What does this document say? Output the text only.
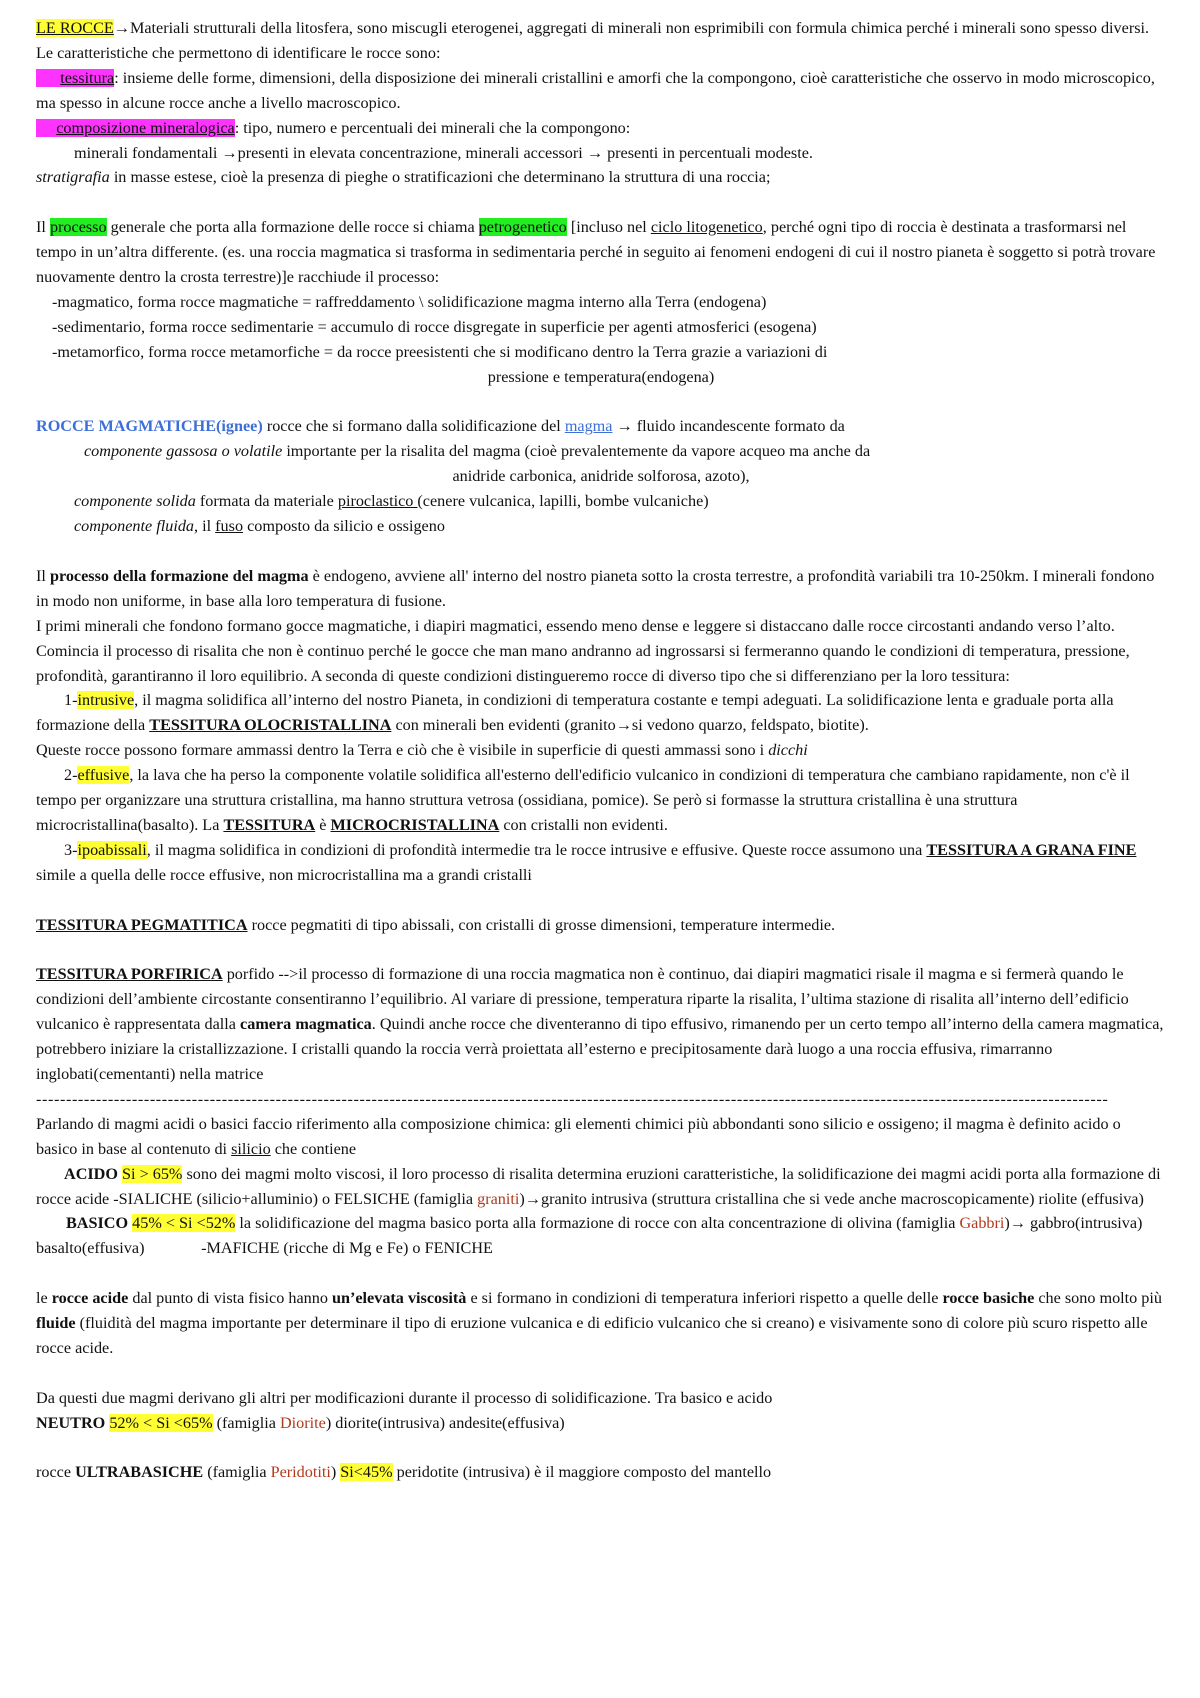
LE ROCCE→Materiali strutturali della litosfera, sono miscugli eterogenei, aggregati di minerali non esprimibili con formula chimica perché i minerali sono spesso diversi. Le caratteristiche che permettono di identificare le rocce sono:

tessitura: insieme delle forme, dimensioni, della disposizione dei minerali cristallini e amorfi che la compongono, cioè caratteristiche che osservo in modo microscopico, ma spesso in alcune rocce anche a livello macroscopico.

composizione mineralogica: tipo, numero e percentuali dei minerali che la compongono:

minerali fondamentali →presenti in elevata concentrazione, minerali accessori → presenti in percentuali modeste.

stratigrafia in masse estese, cioè la presenza di pieghe o stratificazioni che determinano la struttura di una roccia;

Il processo generale che porta alla formazione delle rocce si chiama petrogenetico [incluso nel ciclo litogenetico, perché ogni tipo di roccia è destinata a trasformarsi nel tempo in un’altra differente. (es. una roccia magmatica si trasforma in sedimentaria perché in seguito ai fenomeni endogeni di cui il nostro pianeta è soggetto si potrà trovare nuovamente dentro la crosta terrestre)]e racchiude il processo:

-magmatico, forma rocce magmatiche = raffreddamento \ solidificazione magma interno alla Terra (endogena)

-sedimentario, forma rocce sedimentarie = accumulo di rocce disgregate in superficie per agenti atmosferici (esogena)

-metamorfico, forma rocce metamorfiche = da rocce preesistenti che si modificano dentro la Terra grazie a variazioni di

pressione e temperatura(endogena)

ROCCE MAGMATICHE(ignee) rocce che si formano dalla solidificazione del magma → fluido incandescente formato da

componente gassosa o volatile importante per la risalita del magma (cioè prevalentemente da vapore acqueo ma anche da

anidride carbonica, anidride solforosa, azoto),

componente solida formata da materiale piroclastico (cenere vulcanica, lapilli, bombe vulcaniche)

componente fluida, il fuso composto da silicio e ossigeno

Il processo della formazione del magma è endogeno, avviene all' interno del nostro pianeta sotto la crosta terrestre, a profondità variabili tra 10-250km. I minerali fondono in modo non uniforme, in base alla loro temperatura di fusione.

I primi minerali che fondono formano gocce magmatiche, i diapiri magmatici, essendo meno dense e leggere si distaccano dalle rocce circostanti andando verso l’alto. Comincia il processo di risalita che non è continuo perché le gocce che man mano andranno ad ingrossarsi si fermeranno quando le condizioni di temperatura, pressione, profondità, garantiranno il loro equilibrio. A seconda di queste condizioni distingueremo rocce di diverso tipo che si differenziano per la loro tessitura:

1-intrusive, il magma solidifica all’interno del nostro Pianeta, in condizioni di temperatura costante e tempi adeguati. La solidificazione lenta e graduale porta alla formazione della TESSITURA OLOCRISTALLINA con minerali ben evidenti (granito→si vedono quarzo, feldspato, biotite).

Queste rocce possono formare ammassi dentro la Terra e ciò che è visibile in superficie di questi ammassi sono i dicchi

2-effusive, la lava che ha perso la componente volatile solidifica all'esterno dell'edificio vulcanico in condizioni di temperatura che cambiano rapidamente, non c'è il tempo per organizzare una struttura cristallina, ma hanno struttura vetrosa (ossidiana, pomice). Se però si formasse la struttura cristallina è una struttura microcristallina(basalto). La TESSITURA è MICROCRISTALLINA con cristalli non evidenti.

3-ipoabissali, il magma solidifica in condizioni di profondità intermedie tra le rocce intrusive e effusive. Queste rocce assumono una TESSITURA A GRANA FINE simile a quella delle rocce effusive, non microcristallina ma a grandi cristalli

TESSITURA PEGMATITICA rocce pegmatiti di tipo abissali, con cristalli di grosse dimensioni, temperature intermedie.

TESSITURA PORFIRICA porfido -->il processo di formazione di una roccia magmatica non è continuo, dai diapiri magmatici risale il magma e si fermerà quando le condizioni dell’ambiente circostante consentiranno l’equilibrio. Al variare di pressione, temperatura riparte la risalita, l’ultima stazione di risalita all’interno dell’edificio vulcanico è rappresentata dalla camera magmatica. Quindi anche rocce che diventeranno di tipo effusivo, rimanendo per un certo tempo all’interno della camera magmatica, potrebbero iniziare la cristallizzazione. I cristalli quando la roccia verrà proiettata all’esterno e precipitosamente darà luogo a una roccia effusiva, rimarranno inglobati(cementanti) nella matrice

-----------------------------------------------------------------------------------------------------------------------------------------------------------------------------------

Parlando di magmi acidi o basici faccio riferimento alla composizione chimica: gli elementi chimici più abbondanti sono silicio e ossigeno; il magma è definito acido o basico in base al contenuto di silicio che contiene

ACIDO Si > 65% sono dei magmi molto viscosi, il loro processo di risalita determina eruzioni caratteristiche, la solidificazione dei magmi acidi porta alla formazione di rocce acide -SIALICHE (silicio+alluminio) o FELSICHE (famiglia graniti)→granito intrusiva (struttura cristallina che si vede anche macroscopicamente) riolite (effusiva)

BASICO 45% < Si <52% la solidificazione del magma basico porta alla formazione di rocce con alta concentrazione di olivina (famiglia Gabbri)→ gabbro(intrusiva) basalto(effusiva)              -MAFICHE (ricche di Mg e Fe) o FENICHE

le rocce acide dal punto di vista fisico hanno un’elevata viscosità e si formano in condizioni di temperatura inferiori rispetto a quelle delle rocce basiche che sono molto più fluide (fluidità del magma importante per determinare il tipo di eruzione vulcanica e di edificio vulcanico che si creano) e visivamente sono di colore più scuro rispetto alle rocce acide.

Da questi due magmi derivano gli altri per modificazioni durante il processo di solidificazione. Tra basico e acido

NEUTRO 52% < Si <65% (famiglia Diorite) diorite(intrusiva) andesite(effusiva)

rocce ULTRABASICHE (famiglia Peridotiti) Si<45% peridotite (intrusiva) è il maggiore composto del mantello
